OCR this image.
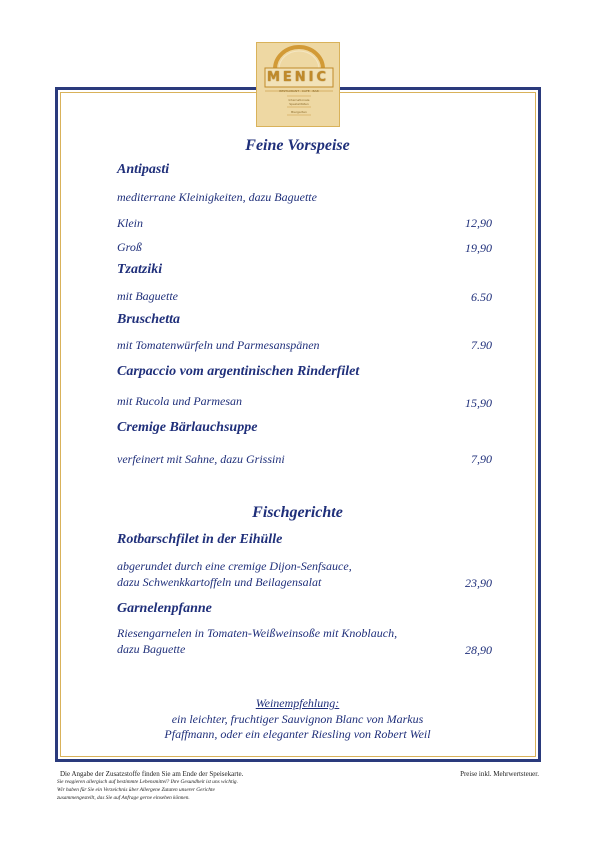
MENIC
RESTAURANT · CAFE · BAR
Internationale
Spezialitäten
Biergarten
Feine Vorspeise
Antipasti
mediterrane Kleinigkeiten, dazu Baguette
Klein	12,90
Groß	19,90
Tzatziki
mit Baguette	6.50
Bruschetta
mit Tomatenwürfeln und Parmesanspänen	7.90
Carpaccio vom argentinischen Rinderfilet
mit Rucola und Parmesan	15,90
Cremige Bärlauchsuppe
verfeinert mit Sahne, dazu Grissini	7,90
Fischgerichte
Rotbarschfilet in der Eihülle
abgerundet durch eine cremige Dijon-Senfsauce,
dazu Schwenkkartoffeln und Beilagensalat	23,90
Garnelenpfanne
Riesengarnelen in Tomaten-Weißweinsoße mit Knoblauch,
dazu Baguette	28,90
Weinempfehlung:
ein leichter, fruchtiger Sauvignon Blanc von Markus
Pfaffmann, oder ein eleganter Riesling von Robert Weil
Die Angabe der Zusatzstoffe finden Sie am Ende der Speisekarte.	Preise inkl. Mehrwertsteuer.
Sie reagieren allergisch auf bestimmte Lebensmittel? Ihre Gesundheit ist uns wichtig.
Wir haben für Sie ein Verzeichnis über Allergene Zutaten unserer Gerichte
zusammengestellt, das Sie auf Anfrage gerne einsehen können.
